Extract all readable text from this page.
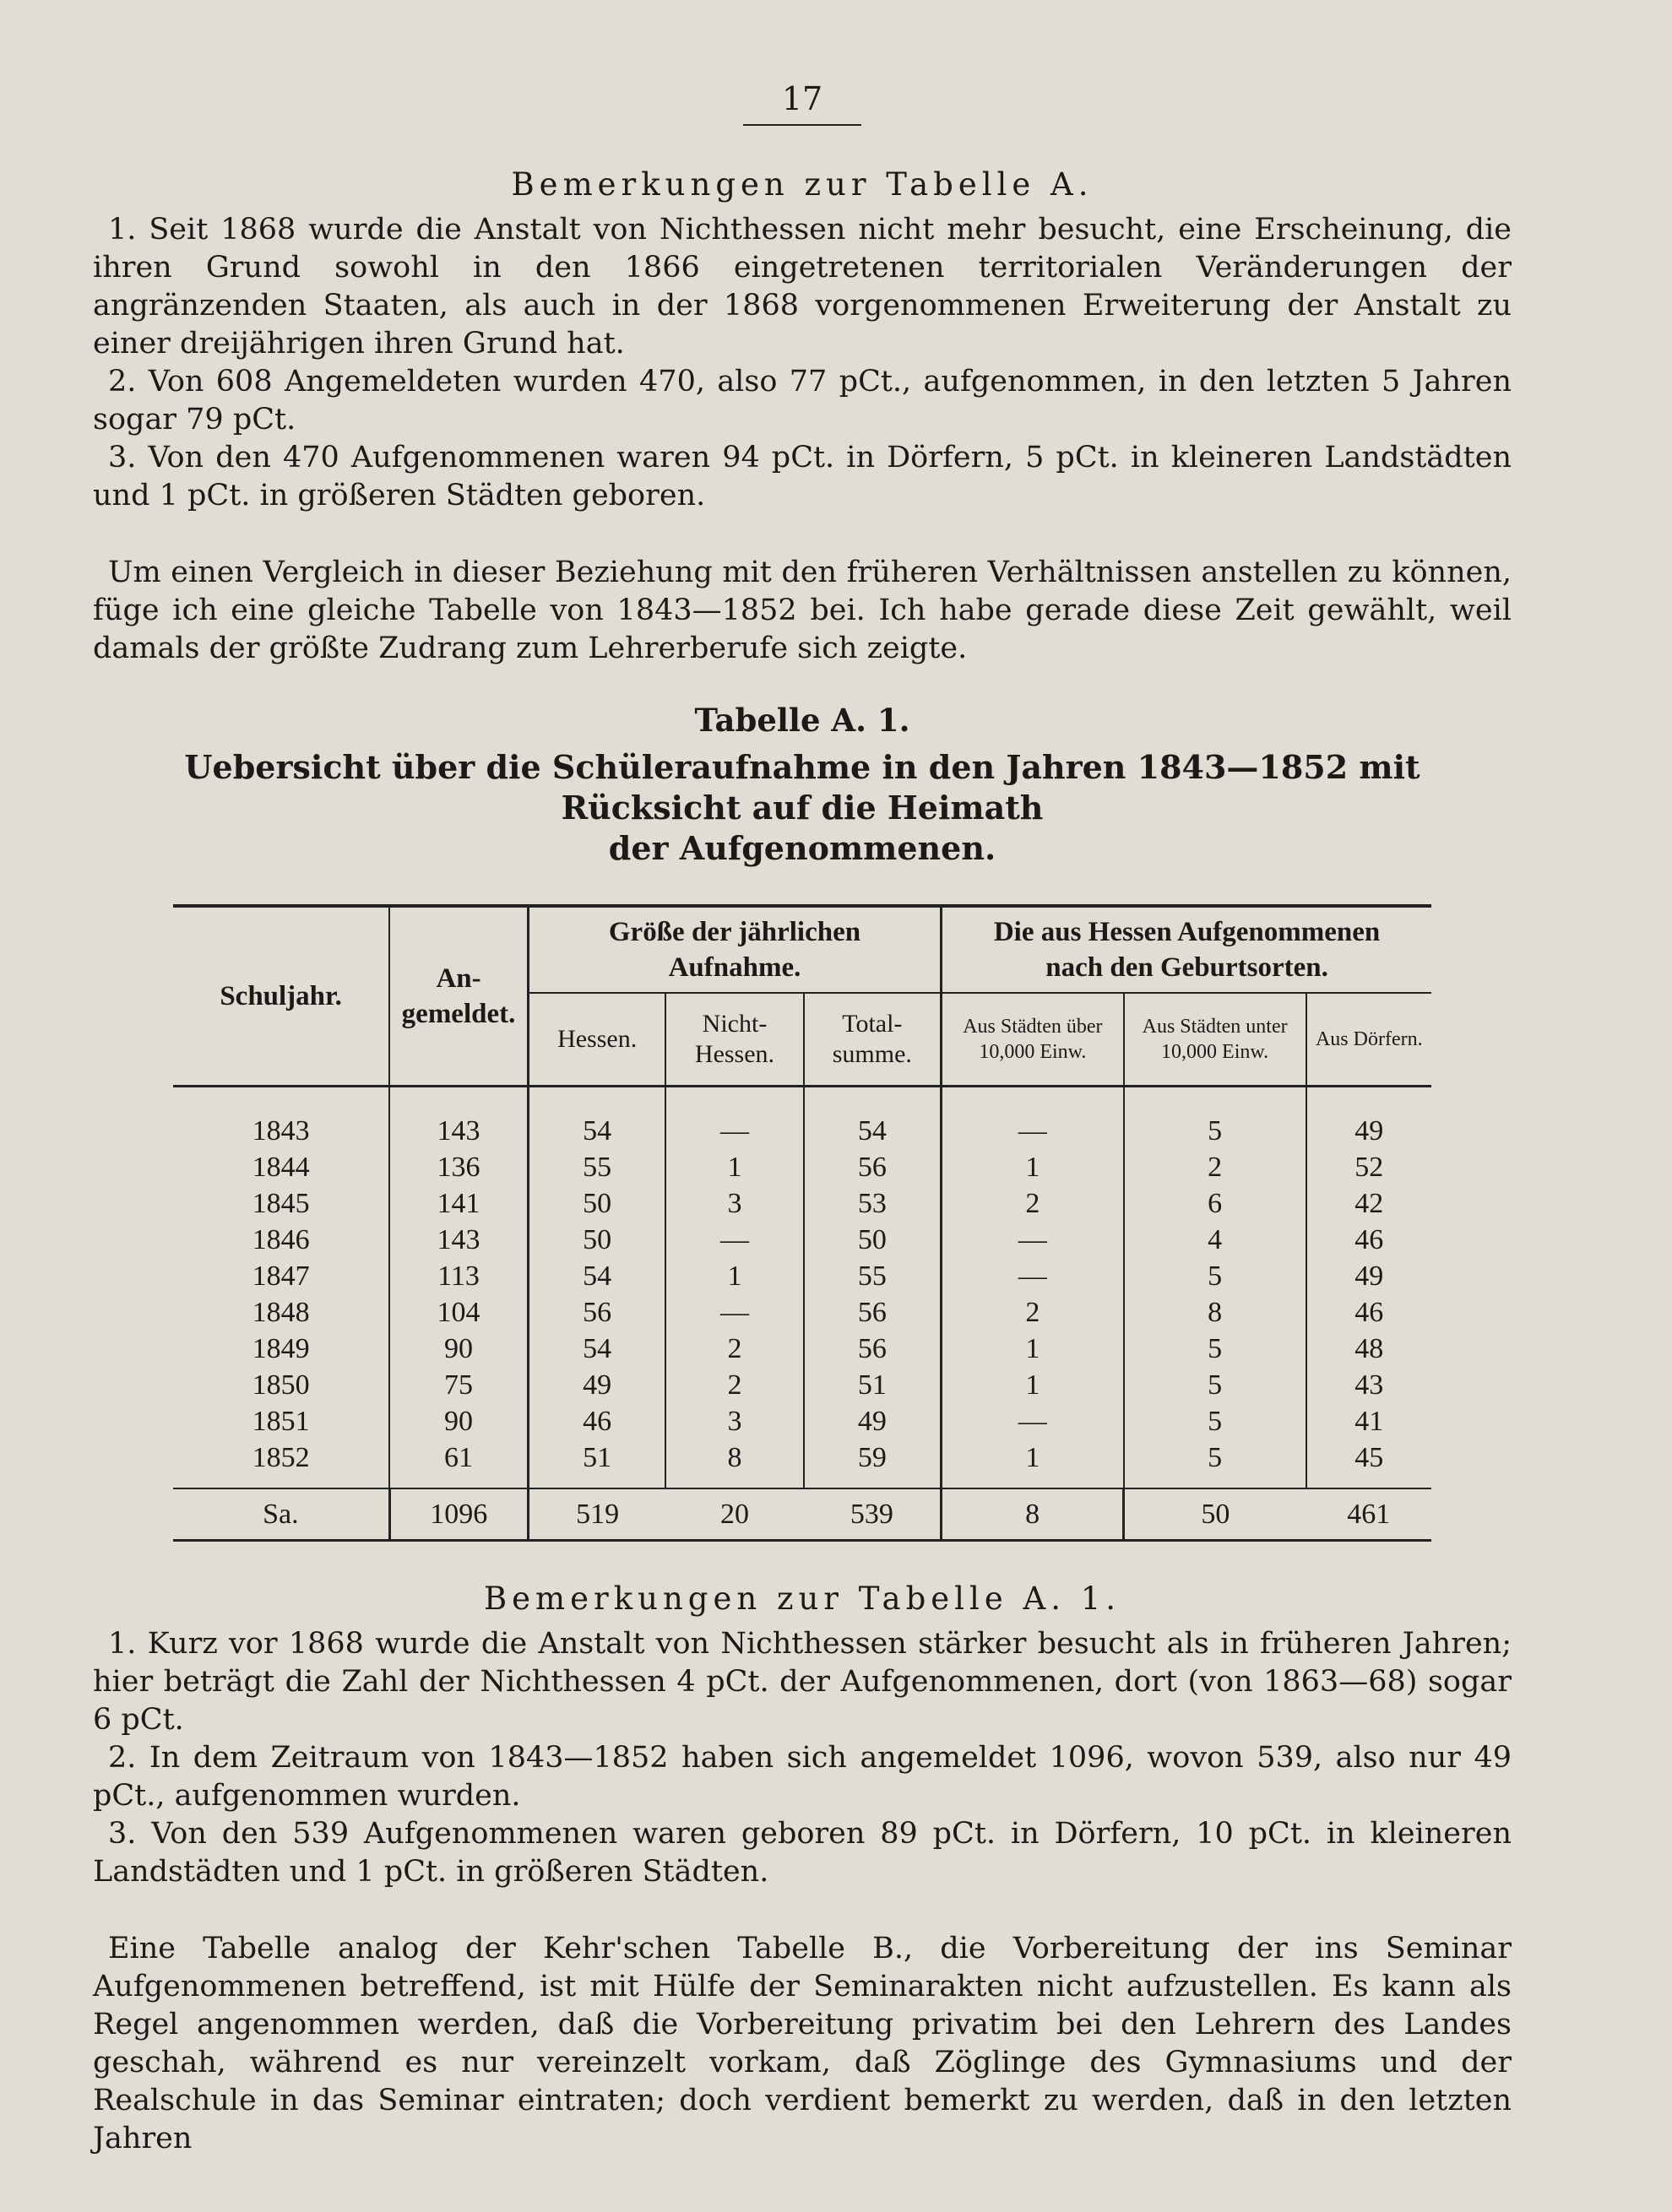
17
Bemerkungen zur Tabelle A.

1. Seit 1868 wurde die Anstalt von Nichthessen nicht mehr besucht, eine Erscheinung, die ihren Grund sowohl in den 1866 eingetretenen territorialen Veränderungen der angränzenden Staaten, als auch in der 1868 vorgenommenen Erweiterung der Anstalt zu einer dreijährigen ihren Grund hat.

2. Von 608 Angemeldeten wurden 470, also 77 pCt., aufgenommen, in den letzten 5 Jahren sogar 79 pCt.

3. Von den 470 Aufgenommenen waren 94 pCt. in Dörfern, 5 pCt. in kleineren Landstädten und 1 pCt. in größeren Städten geboren.

Um einen Vergleich in dieser Beziehung mit den früheren Verhältnissen anstellen zu können, füge ich eine gleiche Tabelle von 1843—1852 bei. Ich habe gerade diese Zeit gewählt, weil damals der größte Zudrang zum Lehrerberufe sich zeigte.

Tabelle A. 1.
Uebersicht über die Schüleraufnahme in den Jahren 1843—1852 mit Rücksicht auf die Heimath
der Aufgenommenen.
Schuljahr.	An-gemeldet.	Größe der jährlichen Aufnahme.			Die aus Hessen Aufgenommenen nach den Geburtsorten.		
		Hessen.	Nicht-Hessen.	Total-summe.	Aus Städten über 10,000 Einw.	Aus Städten unter 10,000 Einw.	Aus Dörfern.
1843	143	54	—	54	—	5	49
1844	136	55	1	56	1	2	52
1845	141	50	3	53	2	6	42
1846	143	50	—	50	—	4	46
1847	113	54	1	55	—	5	49
1848	104	56	—	56	2	8	46
1849	90	54	2	56	1	5	48
1850	75	49	2	51	1	5	43
1851	90	46	3	49	—	5	41
1852	61	51	8	59	1	5	45
Sa.	1096	519	20	539	8	50	461
Bemerkungen zur Tabelle A. 1.

1. Kurz vor 1868 wurde die Anstalt von Nichthessen stärker besucht als in früheren Jahren; hier beträgt die Zahl der Nichthessen 4 pCt. der Aufgenommenen, dort (von 1863—68) sogar 6 pCt.

2. In dem Zeitraum von 1843—1852 haben sich angemeldet 1096, wovon 539, also nur 49 pCt., aufgenommen wurden.

3. Von den 539 Aufgenommenen waren geboren 89 pCt. in Dörfern, 10 pCt. in kleineren Landstädten und 1 pCt. in größeren Städten.

Eine Tabelle analog der Kehr'schen Tabelle B., die Vorbereitung der ins Seminar Aufgenommenen betreffend, ist mit Hülfe der Seminarakten nicht aufzustellen. Es kann als Regel angenommen werden, daß die Vorbereitung privatim bei den Lehrern des Landes geschah, während es nur vereinzelt vorkam, daß Zöglinge des Gymnasiums und der Realschule in das Seminar eintraten; doch verdient bemerkt zu werden, daß in den letzten Jahren
